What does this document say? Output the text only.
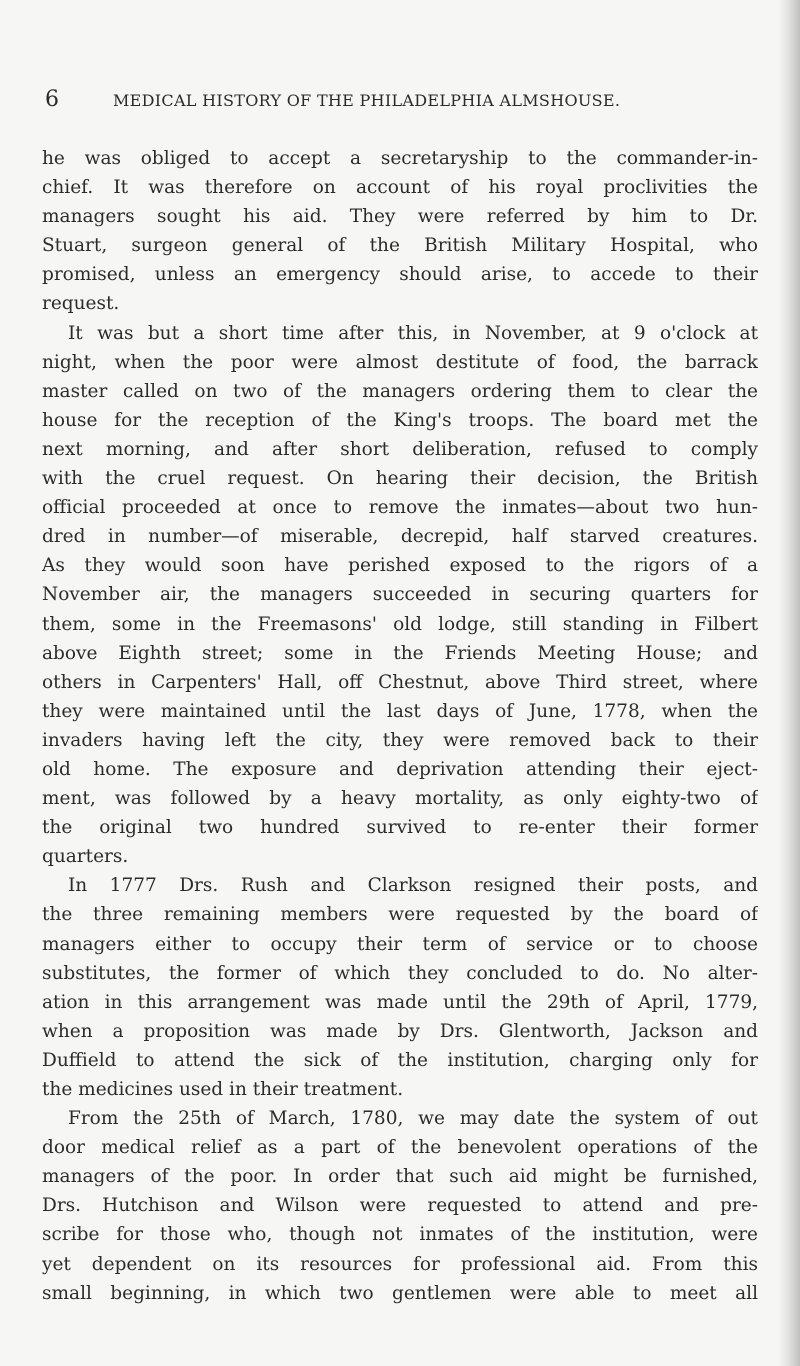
6	MEDICAL HISTORY OF THE PHILADELPHIA ALMSHOUSE.
he was obliged to accept a secretaryship to the commander-in-
chief. It was therefore on account of his royal proclivities the
managers sought his aid. They were referred by him to Dr.
Stuart, surgeon general of the British Military Hospital, who
promised, unless an emergency should arise, to accede to their
request.
It was but a short time after this, in November, at 9 o'clock at
night, when the poor were almost destitute of food, the barrack
master called on two of the managers ordering them to clear the
house for the reception of the King's troops. The board met the
next morning, and after short deliberation, refused to comply
with the cruel request. On hearing their decision, the British
official proceeded at once to remove the inmates—about two hun-
dred in number—of miserable, decrepid, half starved creatures.
As they would soon have perished exposed to the rigors of a
November air, the managers succeeded in securing quarters for
them, some in the Freemasons' old lodge, still standing in Filbert
above Eighth street; some in the Friends Meeting House; and
others in Carpenters' Hall, off Chestnut, above Third street, where
they were maintained until the last days of June, 1778, when the
invaders having left the city, they were removed back to their
old home. The exposure and deprivation attending their eject-
ment, was followed by a heavy mortality, as only eighty-two of
the original two hundred survived to re-enter their former
quarters.
In 1777 Drs. Rush and Clarkson resigned their posts, and
the three remaining members were requested by the board of
managers either to occupy their term of service or to choose
substitutes, the former of which they concluded to do. No alter-
ation in this arrangement was made until the 29th of April, 1779,
when a proposition was made by Drs. Glentworth, Jackson and
Duffield to attend the sick of the institution, charging only for
the medicines used in their treatment.
From the 25th of March, 1780, we may date the system of out
door medical relief as a part of the benevolent operations of the
managers of the poor. In order that such aid might be furnished,
Drs. Hutchison and Wilson were requested to attend and pre-
scribe for those who, though not inmates of the institution, were
yet dependent on its resources for professional aid. From this
small beginning, in which two gentlemen were able to meet all
